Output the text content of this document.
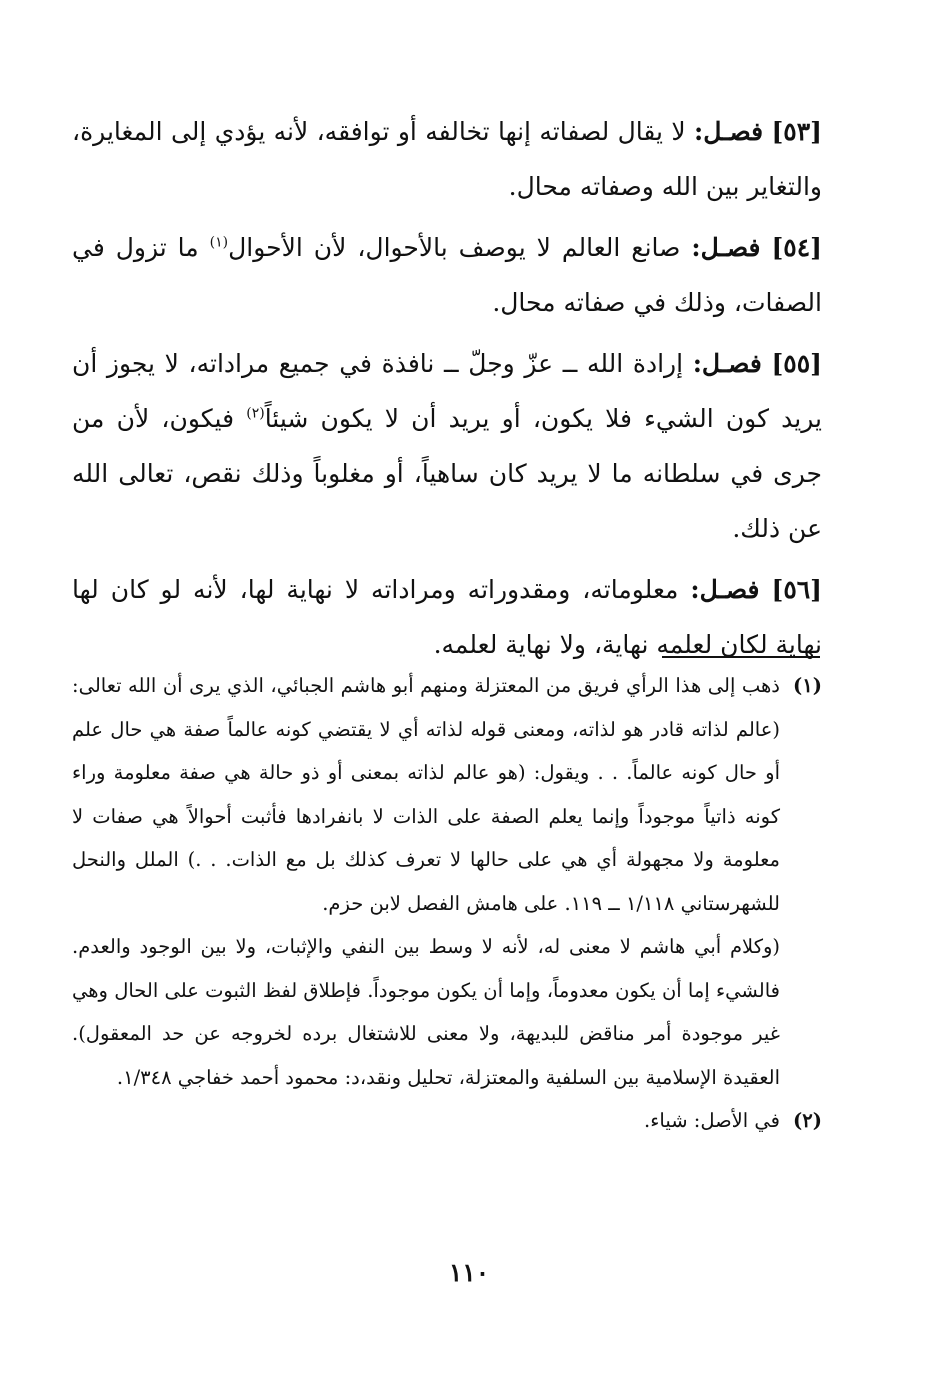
[٥٣] فصـل: لا يقال لصفاته إنها تخالفه أو توافقه، لأنه يؤدي إلى المغايرة، والتغاير بين الله وصفاته محال.

[٥٤] فصـل: صانع العالم لا يوصف بالأحوال، لأن الأحوال$^{(١)}$ ما تزول في الصفات، وذلك في صفاته محال.

[٥٥] فصـل: إرادة الله ــ عزّ وجلّ ــ نافذة في جميع مراداته، لا يجوز أن يريد كون الشيء فلا يكون، أو يريد أن لا يكون شيئاً$^{(٢)}$ فيكون، لأن من جرى في سلطانه ما لا يريد كان ساهياً، أو مغلوباً وذلك نقص، تعالى الله عن ذلك.

[٥٦] فصـل: معلوماته، ومقدوراته ومراداته لا نهاية لها، لأنه لو كان لها نهاية لكان لعلمه نهاية، ولا نهاية لعلمه.

(١)

ذهب إلى هذا الرأي فريق من المعتزلة ومنهم أبو هاشم الجبائي، الذي يرى أن الله تعالى: (عالم لذاته قادر هو لذاته، ومعنى قوله لذاته أي لا يقتضي كونه عالماً صفة هي حال علم أو حال كونه عالماً. . . ويقول: (هو عالم لذاته بمعنى أو ذو حالة هي صفة معلومة وراء كونه ذاتياً موجوداً وإنما يعلم الصفة على الذات لا بانفرادها فأثبت أحوالاً هي صفات لا معلومة ولا مجهولة أي هي على حالها لا تعرف كذلك بل مع الذات. . .) الملل والنحل للشهرستاني ١/١١٨ ــ ١١٩. على هامش الفصل لابن حزم.

(وكلام أبي هاشم لا معنى له، لأنه لا وسط بين النفي والإثبات، ولا بين الوجود والعدم. فالشيء إما أن يكون معدوماً، وإما أن يكون موجوداً. فإطلاق لفظ الثبوت على الحال وهي غير موجودة أمر مناقض للبديهة، ولا معنى للاشتغال برده لخروجه عن حد المعقول). العقيدة الإسلامية بين السلفية والمعتزلة، تحليل ونقد،د: محمود أحمد خفاجي ١/٣٤٨.

(٢)

في الأصل: شياء.

١١٠
